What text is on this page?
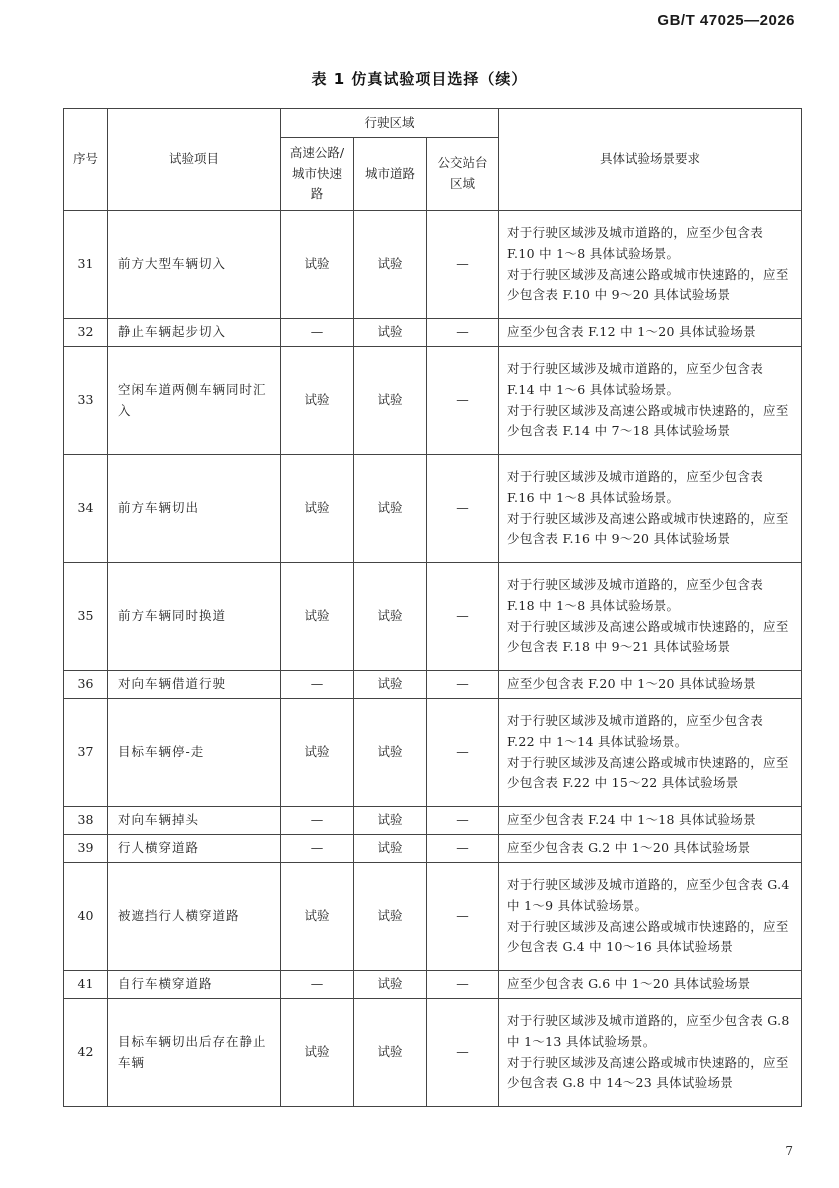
GB/T 47025—2026
表 1 仿真试验项目选择（续）
序号	试验项目	行驶区域			具体试验场景要求
		高速公路/城市快速路	城市道路	公交站台区域	
31	前方大型车辆切入	试验	试验	—	对于行驶区域涉及城市道路的，应至少包含表 F.10 中 1～8 具体试验场景。
对于行驶区域涉及高速公路或城市快速路的，应至少包含表 F.10 中 9～20 具体试验场景

32	静止车辆起步切入	—	试验	—	应至少包含表 F.12 中 1～20 具体试验场景

33	空闲车道两侧车辆同时汇入	试验	试验	—	对于行驶区域涉及城市道路的，应至少包含表 F.14 中 1～6 具体试验场景。
对于行驶区域涉及高速公路或城市快速路的，应至少包含表 F.14 中 7～18 具体试验场景

34	前方车辆切出	试验	试验	—	对于行驶区域涉及城市道路的，应至少包含表 F.16 中 1～8 具体试验场景。
对于行驶区域涉及高速公路或城市快速路的，应至少包含表 F.16 中 9～20 具体试验场景

35	前方车辆同时换道	试验	试验	—	对于行驶区域涉及城市道路的，应至少包含表 F.18 中 1～8 具体试验场景。
对于行驶区域涉及高速公路或城市快速路的，应至少包含表 F.18 中 9～21 具体试验场景

36	对向车辆借道行驶	—	试验	—	应至少包含表 F.20 中 1～20 具体试验场景

37	目标车辆停-走	试验	试验	—	对于行驶区域涉及城市道路的，应至少包含表 F.22 中 1～14 具体试验场景。
对于行驶区域涉及高速公路或城市快速路的，应至少包含表 F.22 中 15～22 具体试验场景

38	对向车辆掉头	—	试验	—	应至少包含表 F.24 中 1～18 具体试验场景

39	行人横穿道路	—	试验	—	应至少包含表 G.2 中 1～20 具体试验场景

40	被遮挡行人横穿道路	试验	试验	—	对于行驶区域涉及城市道路的，应至少包含表 G.4 中 1～9 具体试验场景。
对于行驶区域涉及高速公路或城市快速路的，应至少包含表 G.4 中 10～16 具体试验场景

41	自行车横穿道路	—	试验	—	应至少包含表 G.6 中 1～20 具体试验场景

42	目标车辆切出后存在静止车辆	试验	试验	—	对于行驶区域涉及城市道路的，应至少包含表 G.8 中 1～13 具体试验场景。
对于行驶区域涉及高速公路或城市快速路的，应至少包含表 G.8 中 14～23 具体试验场景
7
